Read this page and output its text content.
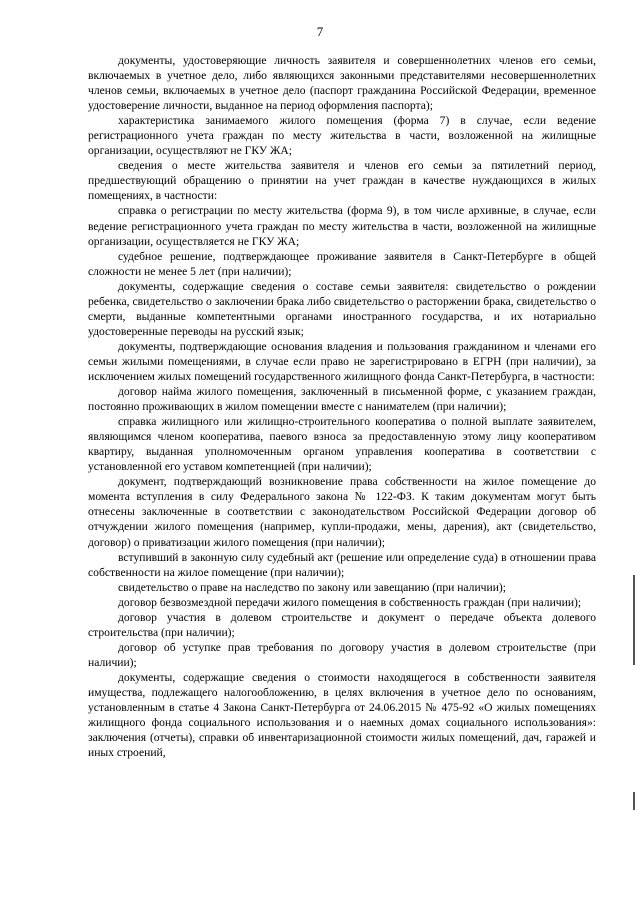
7

документы, удостоверяющие личность заявителя и совершеннолетних членов его семьи, включаемых в учетное дело, либо являющихся законными представителями несовершеннолетних членов семьи, включаемых в учетное дело (паспорт гражданина Российской Федерации, временное удостоверение личности, выданное на период оформления паспорта);

характеристика занимаемого жилого помещения (форма 7) в случае, если ведение регистрационного учета граждан по месту жительства в части, возложенной на жилищные организации, осуществляют не ГКУ ЖА;

сведения о месте жительства заявителя и членов его семьи за пятилетний период, предшествующий обращению о принятии на учет граждан в качестве нуждающихся в жилых помещениях, в частности:

справка о регистрации по месту жительства (форма 9), в том числе архивные, в случае, если ведение регистрационного учета граждан по месту жительства в части, возложенной на жилищные организации, осуществляется не ГКУ ЖА;

судебное решение, подтверждающее проживание заявителя в Санкт-Петербурге в общей сложности не менее 5 лет (при наличии);

документы, содержащие сведения о составе семьи заявителя: свидетельство о рождении ребенка, свидетельство о заключении брака либо свидетельство о расторжении брака, свидетельство о смерти, выданные компетентными органами иностранного государства, и их нотариально удостоверенные переводы на русский язык;

документы, подтверждающие основания владения и пользования гражданином и членами его семьи жилыми помещениями, в случае если право не зарегистрировано в ЕГРН (при наличии), за исключением жилых помещений государственного жилищного фонда Санкт-Петербурга, в частности:

договор найма жилого помещения, заключенный в письменной форме, с указанием граждан, постоянно проживающих в жилом помещении вместе с нанимателем (при наличии);

справка жилищного или жилищно-строительного кооператива о полной выплате заявителем, являющимся членом кооператива, паевого взноса за предоставленную этому лицу кооперативом квартиру, выданная уполномоченным органом управления кооператива в соответствии с установленной его уставом компетенцией (при наличии);

документ, подтверждающий возникновение права собственности на жилое помещение до момента вступления в силу Федерального закона № 122-ФЗ. К таким документам могут быть отнесены заключенные в соответствии с законодательством Российской Федерации договор об отчуждении жилого помещения (например, купли-продажи, мены, дарения), акт (свидетельство, договор) о приватизации жилого помещения (при наличии);

вступивший в законную силу судебный акт (решение или определение суда) в отношении права собственности на жилое помещение (при наличии);

свидетельство о праве на наследство по закону или завещанию (при наличии);

договор безвозмездной передачи жилого помещения в собственность граждан (при наличии);

договор участия в долевом строительстве и документ о передаче объекта долевого строительства (при наличии);

договор об уступке прав требования по договору участия в долевом строительстве (при наличии);

документы, содержащие сведения о стоимости находящегося в собственности заявителя имущества, подлежащего налогообложению, в целях включения в учетное дело по основаниям, установленным в статье 4 Закона Санкт-Петербурга от 24.06.2015 № 475-92 «О жилых помещениях жилищного фонда социального использования и о наемных домах социального использования»: заключения (отчеты), справки об инвентаризационной стоимости жилых помещений, дач, гаражей и иных строений,
